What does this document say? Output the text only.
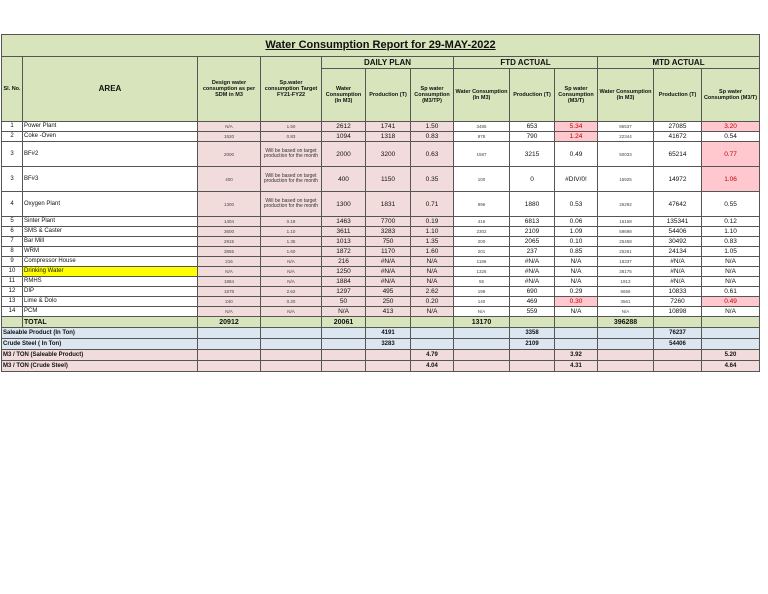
Water Consumption Report for 29-MAY-2022												
Sl. No.	AREA	Design water consumption as per SDM in M3	Sp.water consumption Target FY21-FY22	DAILY PLAN			FTD ACTUAL			MTD ACTUAL		
				Water Consumption (In M3)	Production (T)	Sp water Consumption (M3/TP)	Water Consumption (In M3)	Production (T)	Sp water Consumption (M3/T)	Water Consumption (In M3)	Production (T)	Sp water Consumption (M3/T)
1	Power Plant	N/A	1.50	2612	1741	1.50	3485	653	5.34	86537	27085	3.20
2	Coke -Oven	1520	0.83	1094	1318	0.83	978	790	1.24	22344	41672	0.54
3	BF#2	2000	Will be based on target production for the month	2000	3200	0.63	1587	3215	0.49	50033	65214	0.77
3	BF#3	400	Will be based on target production for the month	400	1150	0.35	100	0	#DIV/0!	15925	14972	1.06
4	Oxygen Plant	1300	Will be based on target production for the month	1300	1831	0.71	996	1880	0.53	26292	47642	0.55
5	Sinter Plant	1404	0.19	1463	7700	0.19	416	6813	0.06	16158	135341	0.12
6	SMS & Caster	3600	1.10	3611	3283	1.10	2302	2109	1.09	59698	54406	1.10
7	Bar Mill	2915	1.35	1013	750	1.35	200	2065	0.10	25458	30492	0.83
8	WRM	3855	1.60	1872	1170	1.60	201	237	0.85	25261	24134	1.05
9	Compressor House	216	N/A	216	#N/A	N/A	1186	#N/A	N/A	18337	#N/A	N/A
10	Drinking Water	N/A	N/A	1250	#N/A	N/A	1326	#N/A	N/A	38175	#N/A	N/A
11	RMHS	1884	N/A	1884	#N/A	N/A	55	#N/A	N/A	1913	#N/A	N/A
12	DIP	1578	2.62	1297	495	2.62	198	690	0.29	6656	10833	0.61
13	Lime & Dolo	240	0.20	50	250	0.20	140	469	0.30	3561	7260	0.49
14	PCM	N/A	N/A	N/A	413	N/A	N/A	559	N/A	N/A	10898	N/A
	TOTAL	20912		20061			13170			396288		
Saleable Product (In Ton)					4191			3358			76237	
Crude Steel ( In Ton)					3283			2109			54406	
M3 / TON (Saleable Product)						4.79			3.92			5.20
M3 / TON (Crude Steel)						4.04			4.31			4.64
